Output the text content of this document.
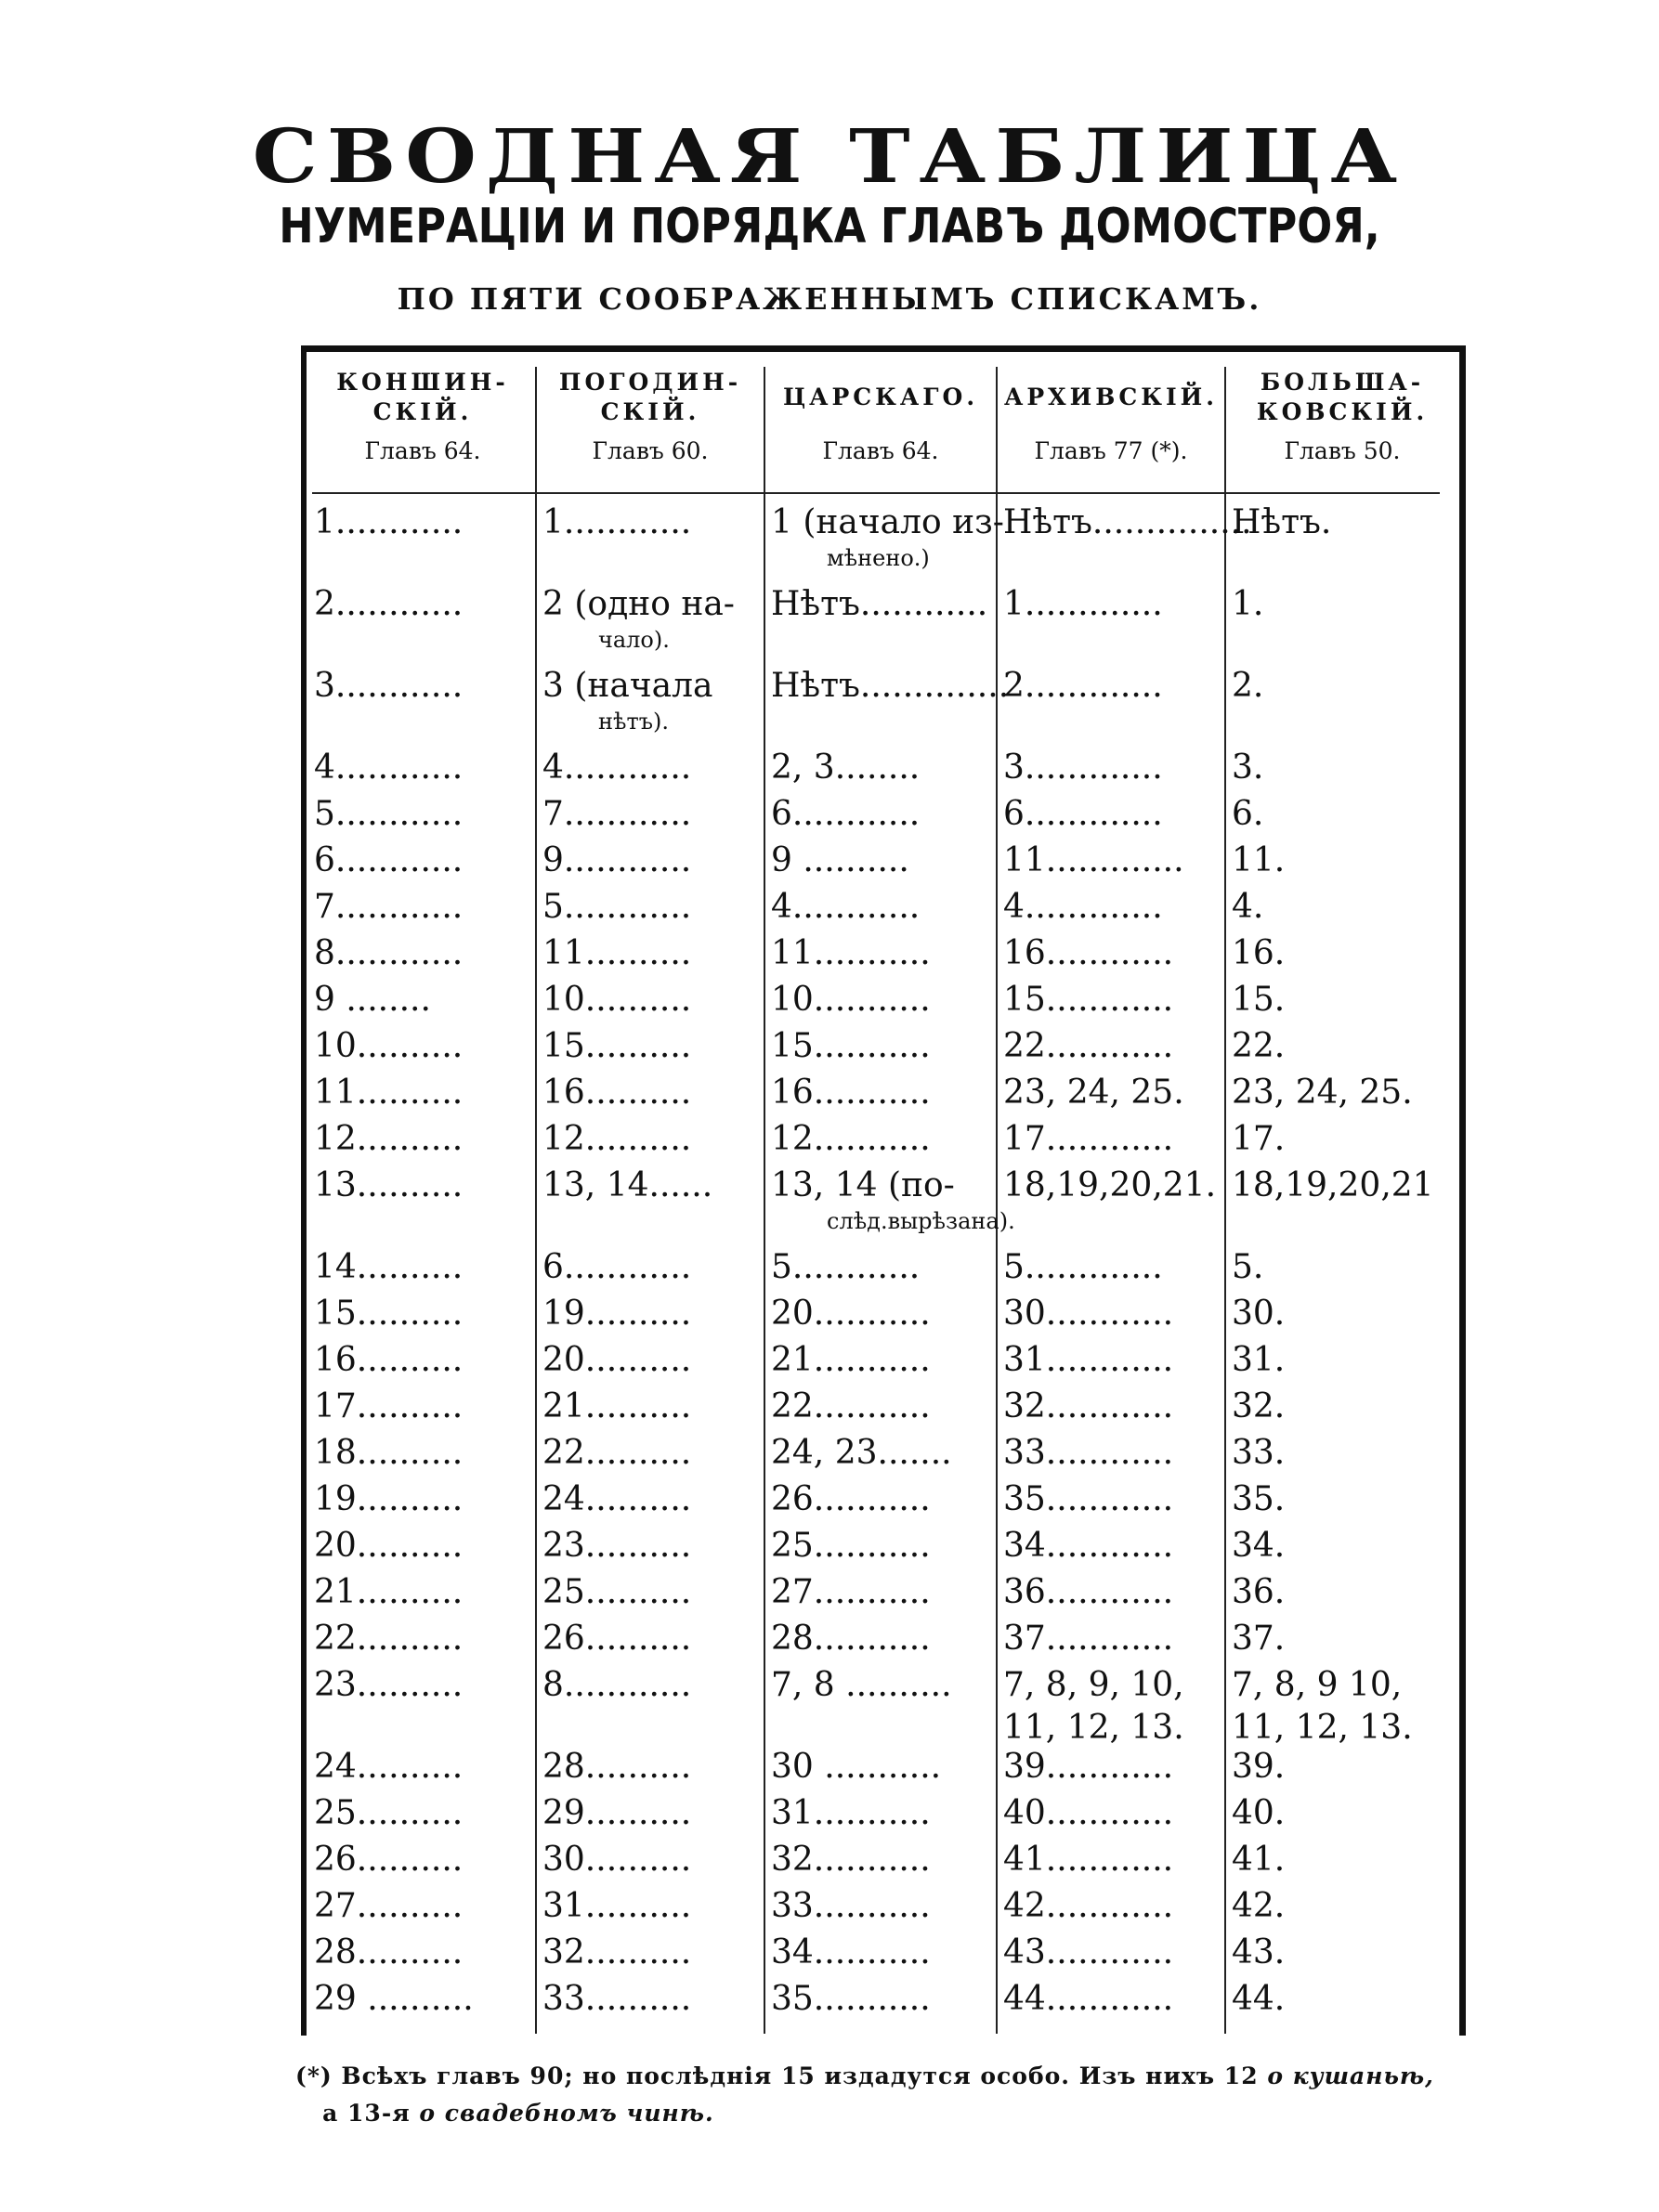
СВОДНАЯ ТАБЛИЦА
НУМЕРАЦІИ И ПОРЯДКА ГЛАВЪ ДОМОСТРОЯ,
ПО ПЯТИ СООБРАЖЕННЫМЪ СПИСКАМЪ.
КОНШИН-
СКІЙ.
Главъ 64.
ПОГОДИН-
СКІЙ.
Главъ 60.
ЦАРСКАГО.
Главъ 64.
АРХИВСКІЙ.
Главъ 77 (*).
БОЛЬША-
КОВСКІЙ.
Главъ 50.
1............ 1............ 1 (начало из-
мѣнено.)
Нѣтъ...............
Нѣтъ.
2............ 2 (одно на-
чало).
Нѣтъ............ 1............. 1.
3............ 3 (начала
нѣтъ).
Нѣтъ..............
2............. 2.
4............ 4............ 2, 3........ 3............. 3.
5............ 7............ 6............ 6............. 6.
6............ 9............ 9 ..........	11............. 11.
7............ 5............ 4............ 4............. 4.
8............ 11.......... 11........... 16............ 16.
9 ........	10.......... 10........... 15............ 15.
10.......... 15.......... 15........... 22............ 22.
11.......... 16.......... 16........... 23, 24, 25. 23, 24, 25.
12.......... 12.......... 12........... 17............ 17.
13.......... 13, 14...... 13, 14 (по-
слѣд.вырѣзана).
18,19,20,21. 18,19,20,21
14.......... 6............ 5............ 5............. 5.
15.......... 19.......... 20........... 30............ 30.
16.......... 20.......... 21........... 31............ 31.
17.......... 21.......... 22........... 32............ 32.
18.......... 22.......... 24, 23....... 33............ 33.
19.......... 24.......... 26........... 35............ 35.
20.......... 23.......... 25........... 34............ 34.
21.......... 25.......... 27........... 36............ 36.
22.......... 26.......... 28........... 37............ 37.
23.......... 8............ 7, 8 .......... 7, 8, 9, 10,
11, 12, 13.
7, 8, 9 10,
11, 12, 13.
24.......... 28.......... 30 ........... 39............ 39.
25.......... 29.......... 31........... 40............ 40.
26.......... 30.......... 32........... 41............ 41.
27.......... 31.......... 33........... 42............ 42.
28.......... 32.......... 34........... 43............ 43.
29 .......... 33.......... 35........... 44............ 44.
(*) Всѣхъ главъ 90; но послѣднія 15 издадутся особо. Изъ нихъ 12 о кушаньѣ,
а 13-я о свадебномъ чинѣ.
